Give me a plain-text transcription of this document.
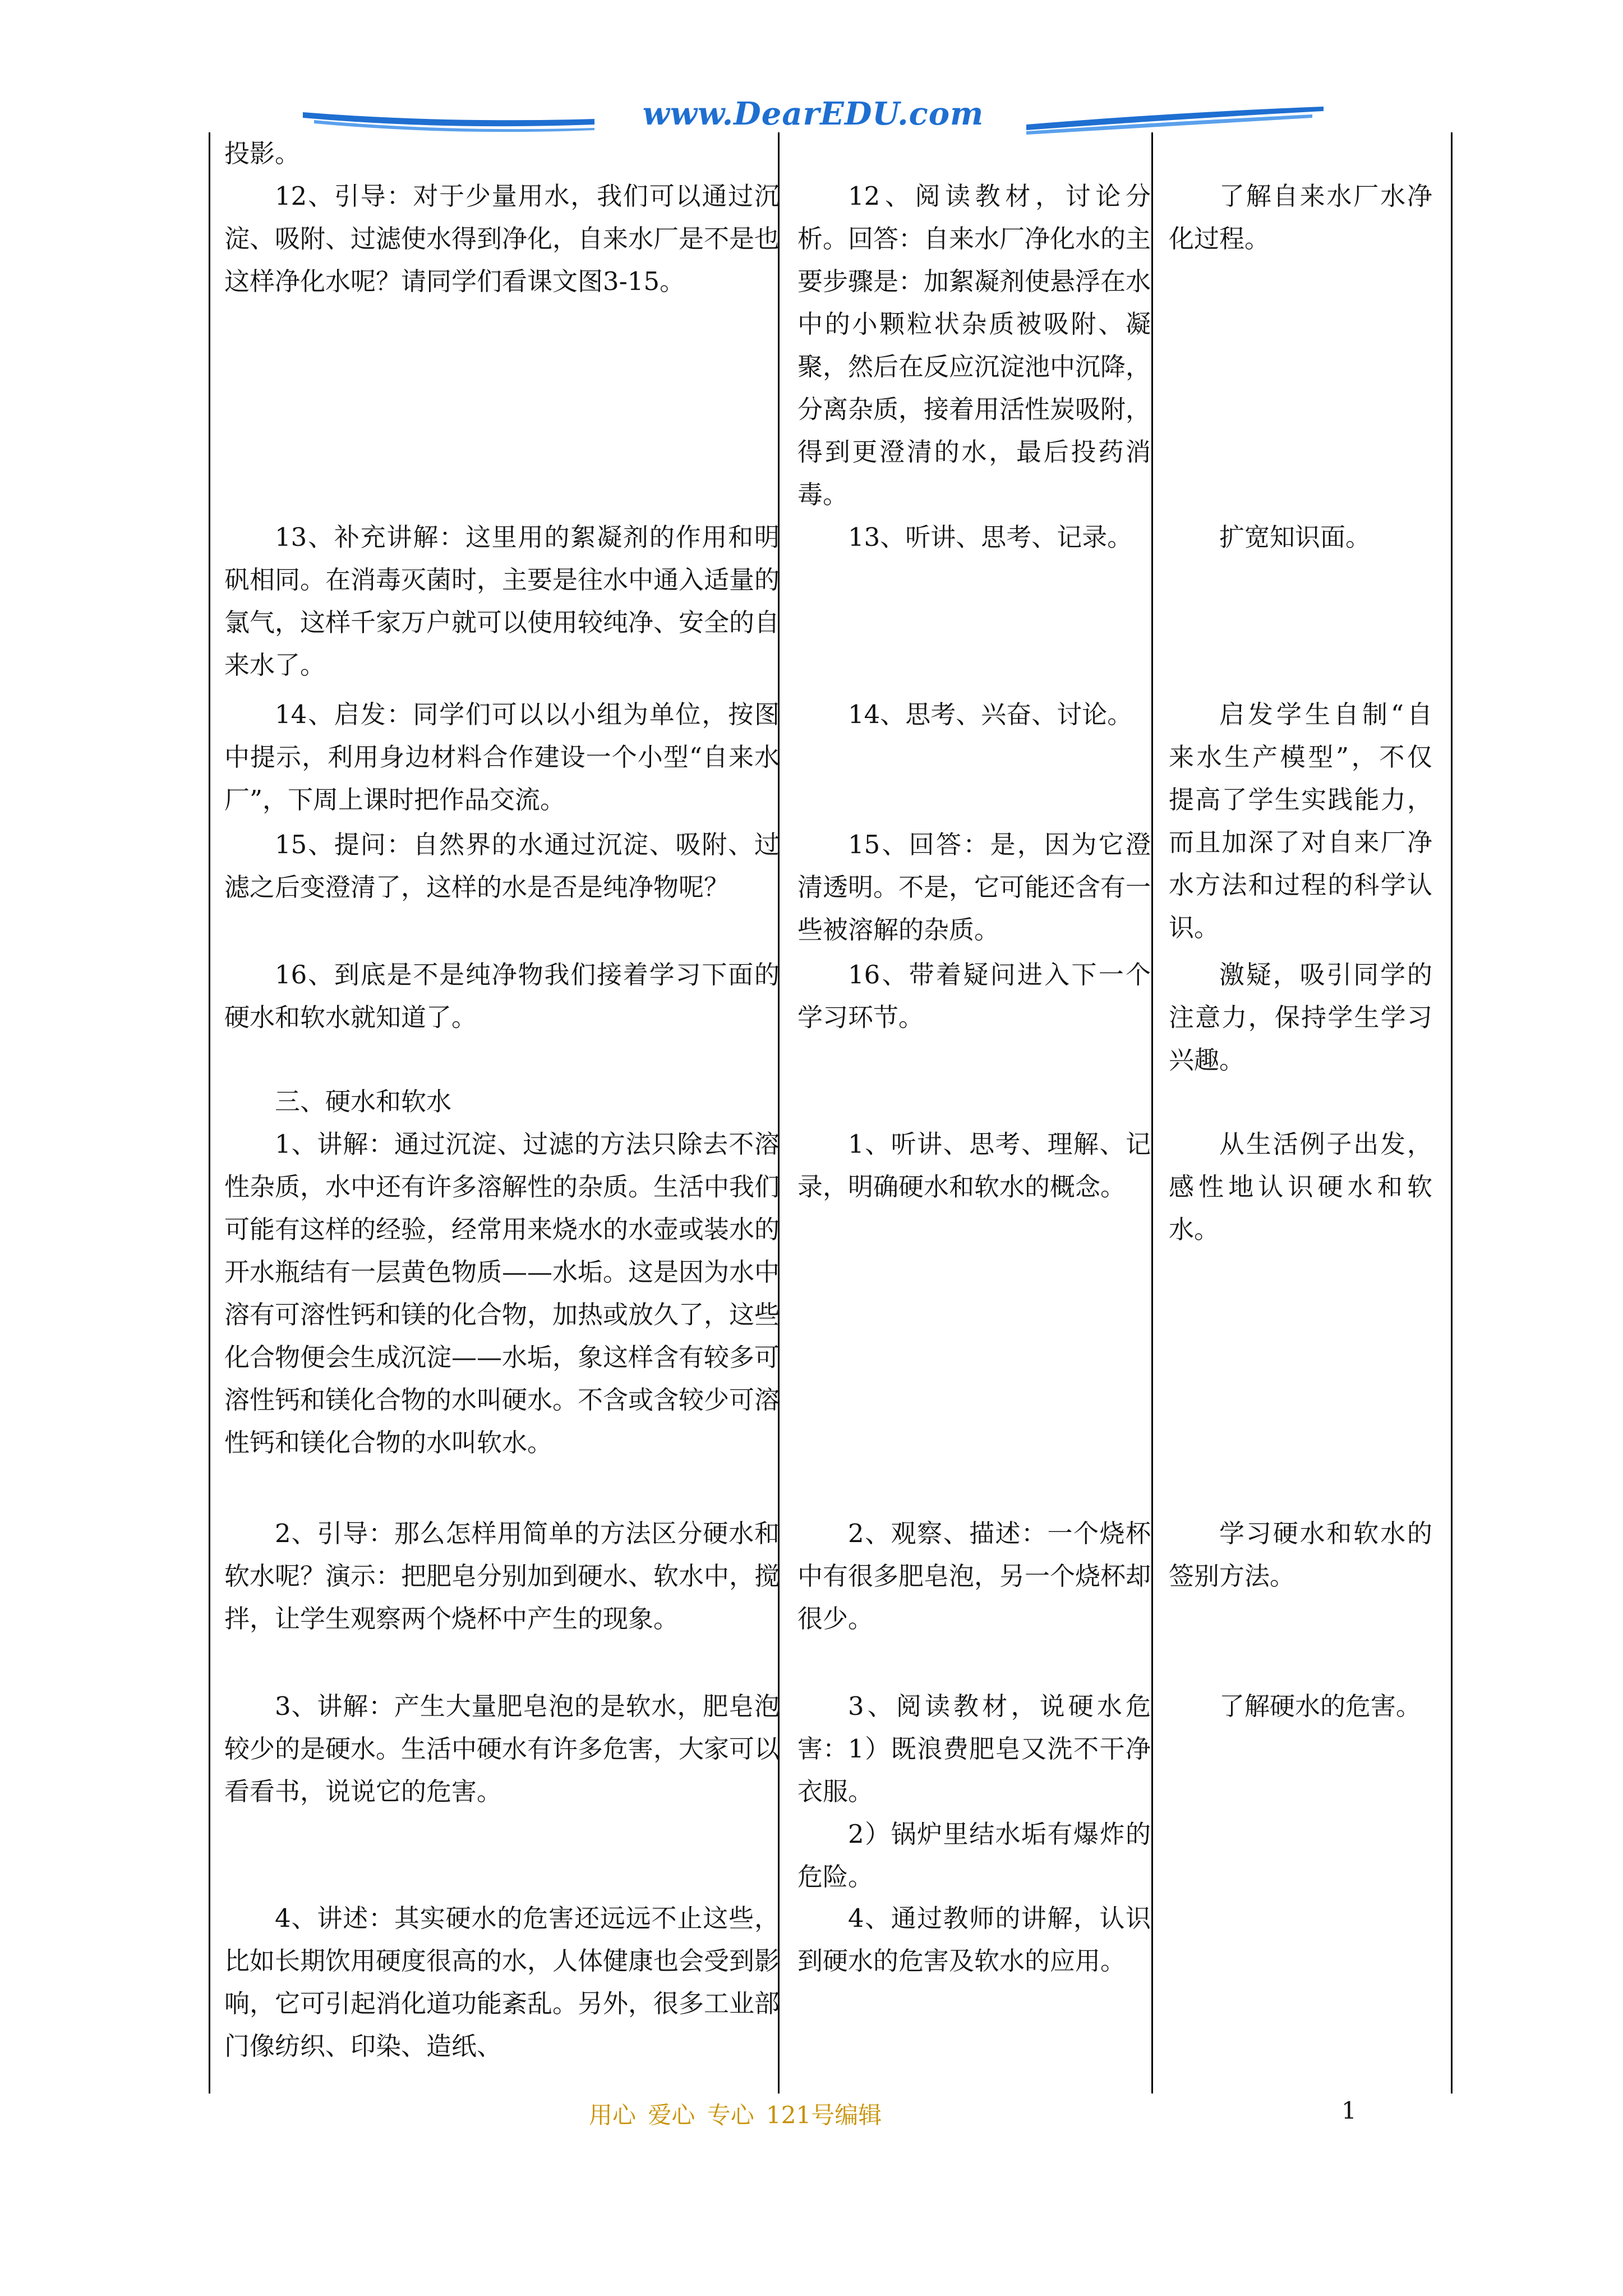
www.DearEDU.com

投影。

12、引导：对于少量用水，我们可以通过沉淀、吸附、过滤使水得到净化，自来水厂是不是也这样净化水呢？请同学们看课文图3-15。

13、补充讲解：这里用的絮凝剂的作用和明矾相同。在消毒灭菌时，主要是往水中通入适量的氯气，这样千家万户就可以使用较纯净、安全的自来水了。

14、启发：同学们可以以小组为单位，按图中提示，利用身边材料合作建设一个小型“自来水厂”，下周上课时把作品交流。

15、提问：自然界的水通过沉淀、吸附、过滤之后变澄清了，这样的水是否是纯净物呢？

16、到底是不是纯净物我们接着学习下面的硬水和软水就知道了。

三、硬水和软水

1、讲解：通过沉淀、过滤的方法只除去不溶性杂质，水中还有许多溶解性的杂质。生活中我们可能有这样的经验，经常用来烧水的水壶或装水的开水瓶结有一层黄色物质——水垢。这是因为水中溶有可溶性钙和镁的化合物，加热或放久了，这些化合物便会生成沉淀——水垢，象这样含有较多可溶性钙和镁化合物的水叫硬水。不含或含较少可溶性钙和镁化合物的水叫软水。

2、引导：那么怎样用简单的方法区分硬水和软水呢？演示：把肥皂分别加到硬水、软水中，搅拌，让学生观察两个烧杯中产生的现象。

3、讲解：产生大量肥皂泡的是软水，肥皂泡较少的是硬水。生活中硬水有许多危害，大家可以看看书，说说它的危害。

4、讲述：其实硬水的危害还远远不止这些，比如长期饮用硬度很高的水，人体健康也会受到影响，它可引起消化道功能紊乱。另外，很多工业部门像纺织、印染、造纸、

12、阅读教材，讨论分析。回答：自来水厂净化水的主要步骤是：加絮凝剂使悬浮在水中的小颗粒状杂质被吸附、凝聚，然后在反应沉淀池中沉降，分离杂质，接着用活性炭吸附，得到更澄清的水，最后投药消毒。

13、听讲、思考、记录。

14、思考、兴奋、讨论。

15、回答：是，因为它澄清透明。不是，它可能还含有一些被溶解的杂质。

16、带着疑问进入下一个学习环节。

1、听讲、思考、理解、记录，明确硬水和软水的概念。

2、观察、描述：一个烧杯中有很多肥皂泡，另一个烧杯却很少。

3、阅读教材，说硬水危害： 1）既浪费肥皂又洗不干净衣服。

2）锅炉里结水垢有爆炸的危险。

4、通过教师的讲解，认识到硬水的危害及软水的应用。

了解自来水厂水净化过程。

扩宽知识面。

启发学生自制“自来水生产模型”，不仅提高了学生实践能力，而且加深了对自来厂净水方法和过程的科学认识。

激疑，吸引同学的注意力，保持学生学习兴趣。

从生活例子出发，感性地认识硬水和软水。

学习硬水和软水的签别方法。

了解硬水的危害。

用心 爱心 专心 121号编辑	1
